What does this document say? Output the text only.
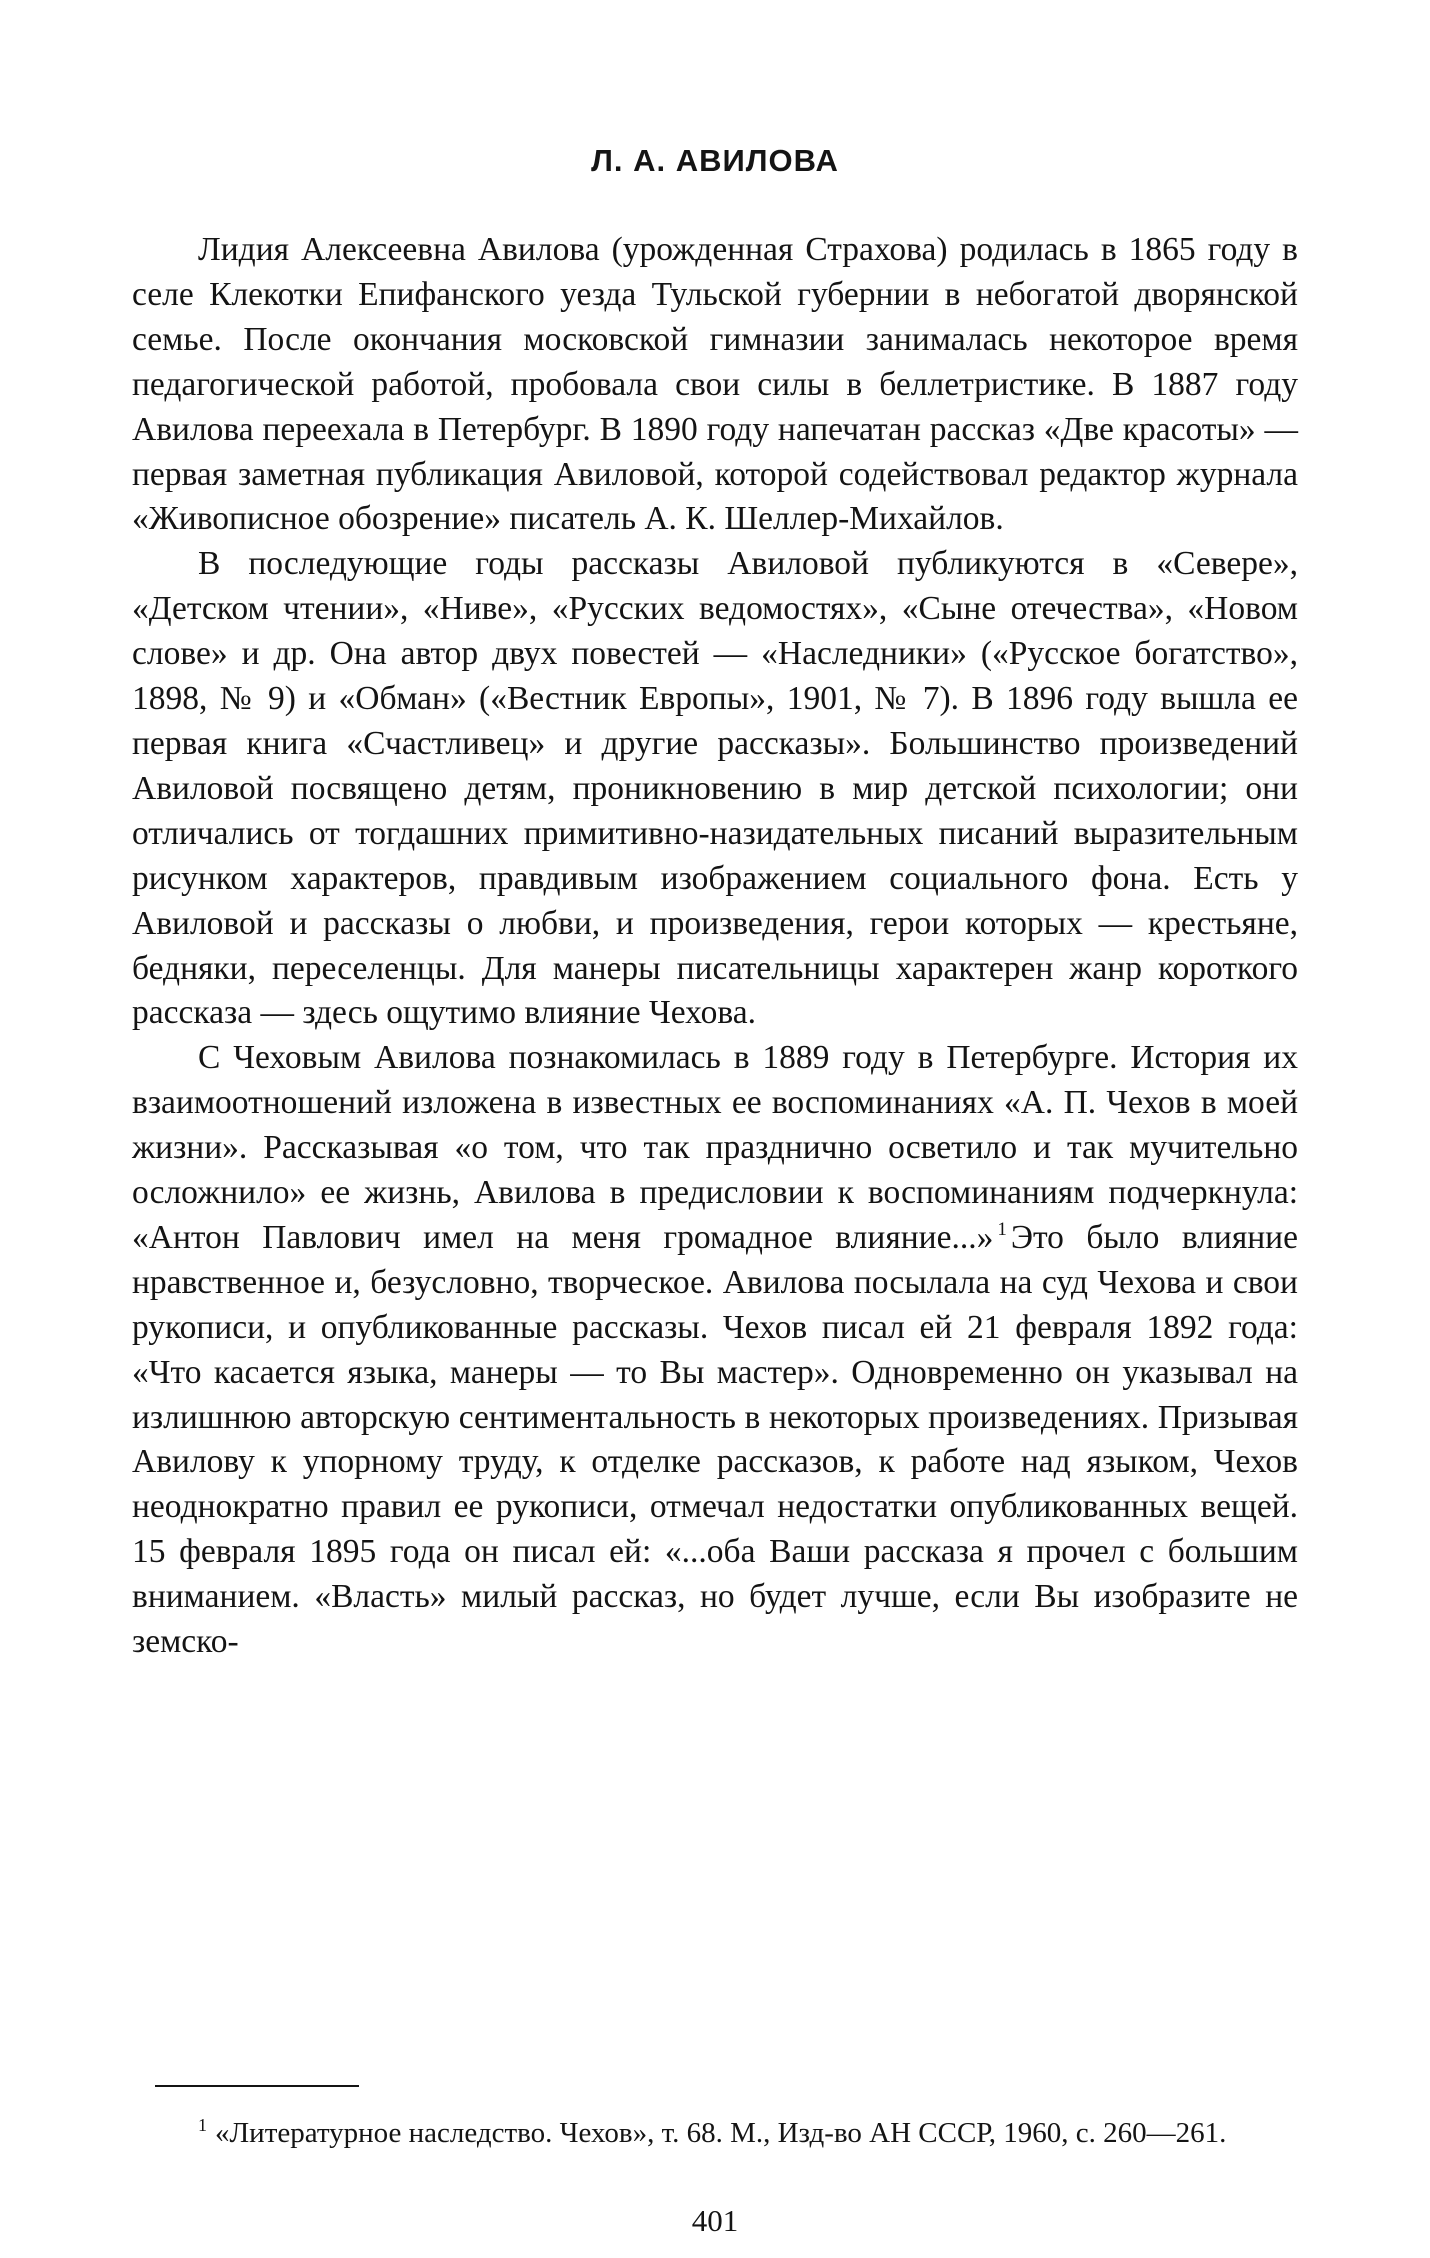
Л. А. АВИЛОВА

Лидия Алексеевна Авилова (урожденная Страхова) родилась в 1865 году в селе Клекотки Епифанского уезда Тульской губернии в небогатой дворянской семье. После окончания московской гимназии занималась некоторое время педагогической работой, пробовала свои силы в беллетристике. В 1887 году Авилова переехала в Петербург. В 1890 году напечатан рассказ «Две красоты» — первая заметная публикация Авиловой, которой содействовал редактор журнала «Живописное обозрение» писатель А. К. Шеллер-Михайлов.

В последующие годы рассказы Авиловой публикуются в «Севере», «Детском чтении», «Ниве», «Русских ведомостях», «Сыне отечества», «Новом слове» и др. Она автор двух повестей — «Наследники» («Русское богатство», 1898, № 9) и «Обман» («Вестник Европы», 1901, № 7). В 1896 году вышла ее первая книга «Счастливец» и другие рассказы». Большинство произведений Авиловой посвящено детям, проникновению в мир детской психологии; они отличались от тогдашних примитивно-назидательных писаний выразительным рисунком характеров, правдивым изображением социального фона. Есть у Авиловой и рассказы о любви, и произведения, герои которых — крестьяне, бедняки, переселенцы. Для манеры писательницы характерен жанр короткого рассказа — здесь ощутимо влияние Чехова.

С Чеховым Авилова познакомилась в 1889 году в Петербурге. История их взаимоотношений изложена в известных ее воспоминаниях «А. П. Чехов в моей жизни». Рассказывая «о том, что так празднично осветило и так мучительно осложнило» ее жизнь, Авилова в предисловии к воспоминаниям подчеркнула: «Антон Павлович имел на меня громадное влияние...» $^1$ Это было влияние нравственное и, безусловно, творческое. Авилова посылала на суд Чехова и свои рукописи, и опубликованные рассказы. Чехов писал ей 21 февраля 1892 года: «Что касается языка, манеры — то Вы мастер». Одновременно он указывал на излишнюю авторскую сентиментальность в некоторых произведениях. Призывая Авилову к упорному труду, к отделке рассказов, к работе над языком, Чехов неоднократно правил ее рукописи, отмечал недостатки опубликованных вещей. 15 февраля 1895 года он писал ей: «...оба Ваши рассказа я прочел с большим вниманием. «Власть» милый рассказ, но будет лучше, если Вы изобразите не земско-

$^1$ «Литературное наследство. Чехов», т. 68. М., Изд-во АН СССР, 1960, с. 260—261.

401
